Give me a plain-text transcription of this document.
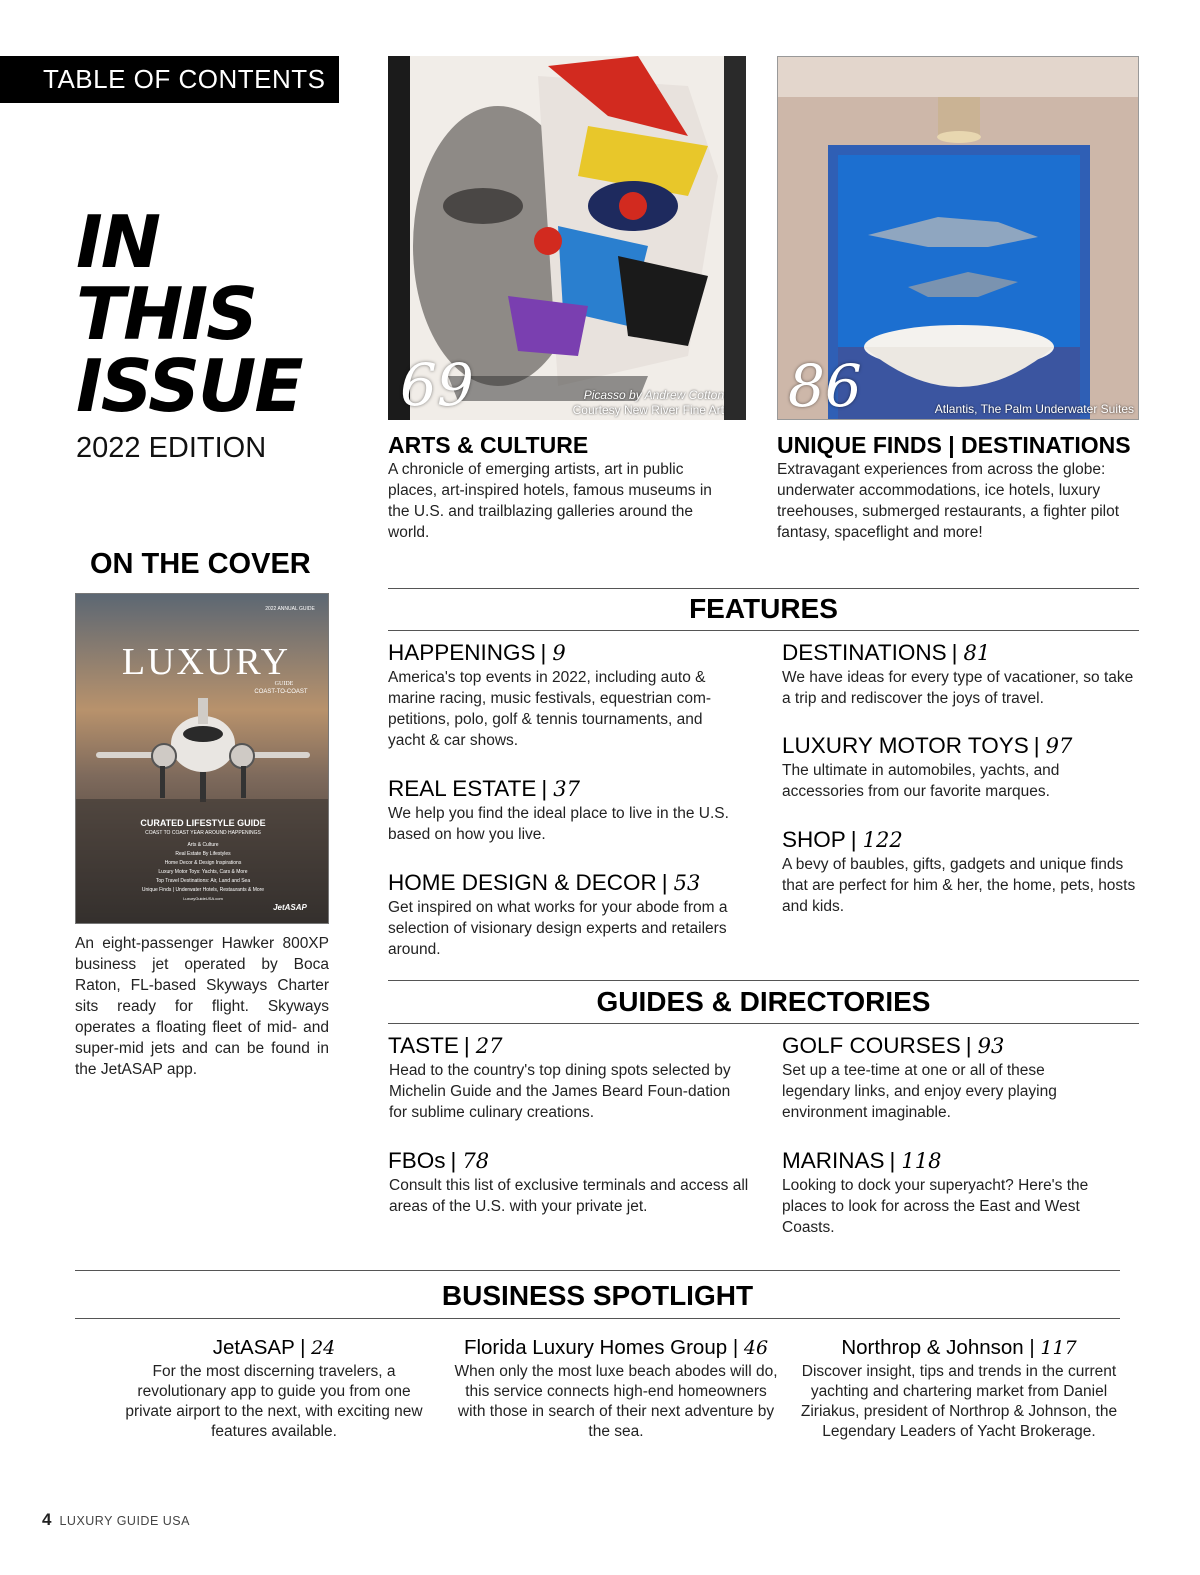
TABLE OF CONTENTS
IN
THIS
ISSUE
2022 EDITION
ON THE COVER
2022 ANNUAL GUIDE
LUXURY
GUIDE
COAST-TO-COAST
CURATED LIFESTYLE GUIDE
COAST TO COAST YEAR AROUND HAPPENINGS
Arts & Culture
Real Estate By Lifestyles
Home Decor & Design Inspirations
Luxury Motor Toys: Yachts, Cars & More
Top Travel Destinations: Air, Land and Sea
Unique Finds | Underwater Hotels, Restaurants & More
LuxuryGuideUSA.com
JetASAP
An eight-passenger Hawker 800XP business jet operated by Boca Raton, FL-based Skyways Charter sits ready for flight. Skyways operates a floating fleet of mid- and super-mid jets and can be found in the JetASAP app.
69	Picasso by Andrew Cotton
Courtesy New River Fine Art 86	Atlantis, The Palm Underwater Suites
ARTS & CULTURE
A chronicle of emerging artists, art in public places, art-inspired hotels, famous museums in the U.S. and trailblazing galleries around the world.
UNIQUE FINDS | DESTINATIONS
Extravagant experiences from across the globe: underwater accommodations, ice hotels, luxury treehouses, submerged restaurants, a fighter pilot fantasy, spaceflight and more!
FEATURES
HAPPENINGS | 9
America's top events in 2022, including auto & marine racing, music festivals, equestrian com-petitions, polo, golf & tennis tournaments, and yacht & car shows.
REAL ESTATE | 37
We help you find the ideal place to live in the U.S. based on how you live.
HOME DESIGN & DECOR | 53
Get inspired on what works for your abode from a selection of visionary design experts and retailers around.
DESTINATIONS | 81
We have ideas for every type of vacationer, so take a trip and rediscover the joys of travel.
LUXURY MOTOR TOYS | 97
The ultimate in automobiles, yachts, and accessories from our favorite marques.
SHOP | 122
A bevy of baubles, gifts, gadgets and unique finds that are perfect for him & her, the home, pets, hosts and kids.
GUIDES & DIRECTORIES
TASTE | 27
Head to the country's top dining spots selected by Michelin Guide and the James Beard Foun-dation for sublime culinary creations.
FBOs | 78
Consult this list of exclusive terminals and access all areas of the U.S. with your private jet.
GOLF COURSES | 93
Set up a tee-time at one or all of these legendary links, and enjoy every playing environment imaginable.
MARINAS | 118
Looking to dock your superyacht? Here's the places to look for across the East and West Coasts.
BUSINESS SPOTLIGHT
JetASAP | 24
For the most discerning travelers, a revolutionary app to guide you from one private airport to the next, with exciting new features available.
Florida Luxury Homes Group | 46
When only the most luxe beach abodes will do, this service connects high-end homeowners with those in search of their next adventure by the sea.
Northrop & Johnson | 117
Discover insight, tips and trends in the current yachting and chartering market from Daniel Ziriakus, president of Northrop & Johnson, the Legendary Leaders of Yacht Brokerage.
4 LUXURY GUIDE USA
